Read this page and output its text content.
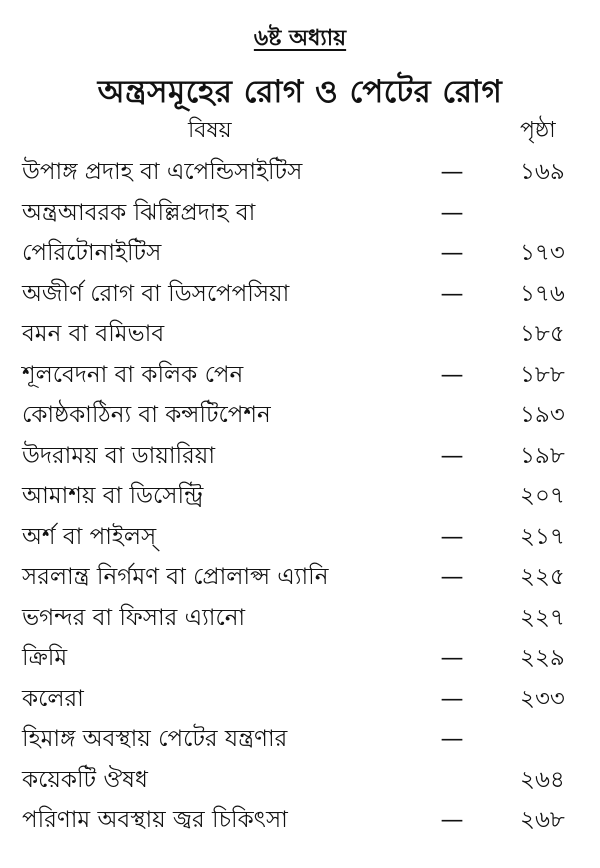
৬ষ্ট অধ্যায়
অন্ত্রসমূহের রোগ ও পেটের রোগ
বিষয়	পৃষ্ঠা
উপাঙ্গ প্রদাহ বা এপেন্ডিসাইটিস	— ১৬৯
অন্ত্রআবরক ঝিল্লিপ্রদাহ বা	—
পেরিটোনাইটিস	— ১৭৩
অজীর্ণ রোগ বা ডিসপেপসিয়া	— ১৭৬
বমন বা বমিভাব	১৮৫
শূলবেদনা বা কলিক পেন	— ১৮৮
কোষ্ঠকাঠিন্য বা কন্সটিপেশন	১৯৩
উদরাময় বা ডায়ারিয়া	— ১৯৮
আমাশয় বা ডিসেন্ট্রি	২০৭
অর্শ বা পাইলস্	— ২১৭
সরলান্ত্র নির্গমণ বা প্রোলাপ্স এ্যানি	— ২২৫
ভগন্দর বা ফিসার এ্যানো	২২৭
ক্রিমি	— ২২৯
কলেরা	— ২৩৩
হিমাঙ্গ অবস্থায় পেটের যন্ত্রণার	—
কয়েকটি ঔষধ	২৬৪
পরিণাম অবস্থায় জ্বর চিকিৎসা	— ২৬৮
